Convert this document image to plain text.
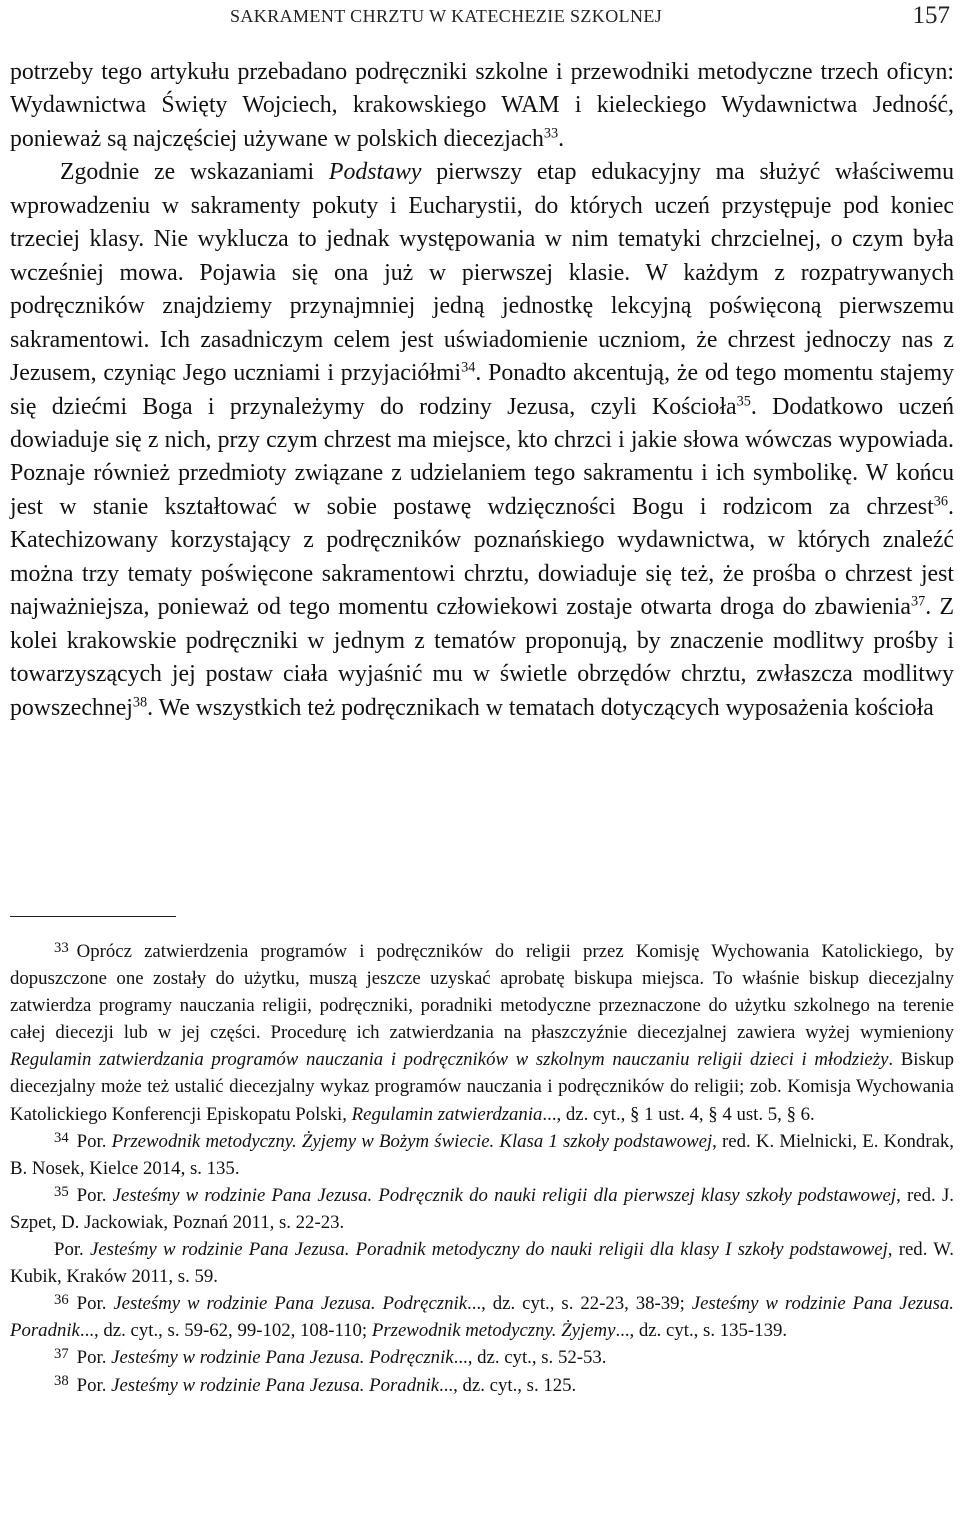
SAKRAMENT CHRZTU W KATECHEZIE SZKOLNEJ	157

potrzeby tego artykułu przebadano podręczniki szkolne i przewodniki metodyczne trzech oficyn: Wydawnictwa Święty Wojciech, krakowskiego WAM i kieleckiego Wydawnictwa Jedność, ponieważ są najczęściej używane w polskich diecezjach$^{33}$.

Zgodnie ze wskazaniami Podstawy pierwszy etap edukacyjny ma służyć właściwemu wprowadzeniu w sakramenty pokuty i Eucharystii, do których uczeń przystępuje pod koniec trzeciej klasy. Nie wyklucza to jednak występowania w nim tematyki chrzcielnej, o czym była wcześniej mowa. Pojawia się ona już w pierwszej klasie. W każdym z rozpatrywanych podręczników znajdziemy przynajmniej jedną jednostkę lekcyjną poświęconą pierwszemu sakramentowi. Ich zasadniczym celem jest uświadomienie uczniom, że chrzest jednoczy nas z Jezusem, czyniąc Jego uczniami i przyjaciółmi$^{34}$. Ponadto akcentują, że od tego momentu stajemy się dziećmi Boga i przynależymy do rodziny Jezusa, czyli Kościoła$^{35}$. Dodatkowo uczeń dowiaduje się z nich, przy czym chrzest ma miejsce, kto chrzci i jakie słowa wówczas wypowiada. Poznaje również przedmioty związane z udzielaniem tego sakramentu i ich symbolikę. W końcu jest w stanie kształtować w sobie postawę wdzięczności Bogu i rodzicom za chrzest$^{36}$. Katechizowany korzystający z podręczników poznańskiego wydawnictwa, w których znaleźć można trzy tematy poświęcone sakramentowi chrztu, dowiaduje się też, że prośba o chrzest jest najważniejsza, ponieważ od tego momentu człowiekowi zostaje otwarta droga do zbawienia$^{37}$. Z kolei krakowskie podręczniki w jednym z tematów proponują, by znaczenie modlitwy prośby i towarzyszących jej postaw ciała wyjaśnić mu w świetle obrzędów chrztu, zwłaszcza modlitwy powszechnej$^{38}$. We wszystkich też podręcznikach w tematach dotyczących wyposażenia kościoła

$^{33}$ Oprócz zatwierdzenia programów i podręczników do religii przez Komisję Wychowania Katolickiego, by dopuszczone one zostały do użytku, muszą jeszcze uzyskać aprobatę biskupa miejsca. To właśnie biskup diecezjalny zatwierdza programy nauczania religii, podręczniki, poradniki metodyczne przeznaczone do użytku szkolnego na terenie całej diecezji lub w jej części. Procedurę ich zatwierdzania na płaszczyźnie diecezjalnej zawiera wyżej wymieniony Regulamin zatwierdzania programów nauczania i podręczników w szkolnym nauczaniu religii dzieci i młodzieży. Biskup diecezjalny może też ustalić diecezjalny wykaz programów nauczania i podręczników do religii; zob. Komisja Wychowania Katolickiego Konferencji Episkopatu Polski, Regulamin zatwierdzania..., dz. cyt., § 1 ust. 4, § 4 ust. 5, § 6.

$^{34}$ Por. Przewodnik metodyczny. Żyjemy w Bożym świecie. Klasa 1 szkoły podstawowej, red. K. Mielnicki, E. Kondrak, B. Nosek, Kielce 2014, s. 135.

$^{35}$ Por. Jesteśmy w rodzinie Pana Jezusa. Podręcznik do nauki religii dla pierwszej klasy szkoły podstawowej, red. J. Szpet, D. Jackowiak, Poznań 2011, s. 22-23.

Por. Jesteśmy w rodzinie Pana Jezusa. Poradnik metodyczny do nauki religii dla klasy I szkoły podstawowej, red. W. Kubik, Kraków 2011, s. 59.

$^{36}$ Por. Jesteśmy w rodzinie Pana Jezusa. Podręcznik..., dz. cyt., s. 22-23, 38-39; Jesteśmy w rodzinie Pana Jezusa. Poradnik..., dz. cyt., s. 59-62, 99-102, 108-110; Przewodnik metodyczny. Żyjemy..., dz. cyt., s. 135-139.

$^{37}$ Por. Jesteśmy w rodzinie Pana Jezusa. Podręcznik..., dz. cyt., s. 52-53.

$^{38}$ Por. Jesteśmy w rodzinie Pana Jezusa. Poradnik..., dz. cyt., s. 125.
